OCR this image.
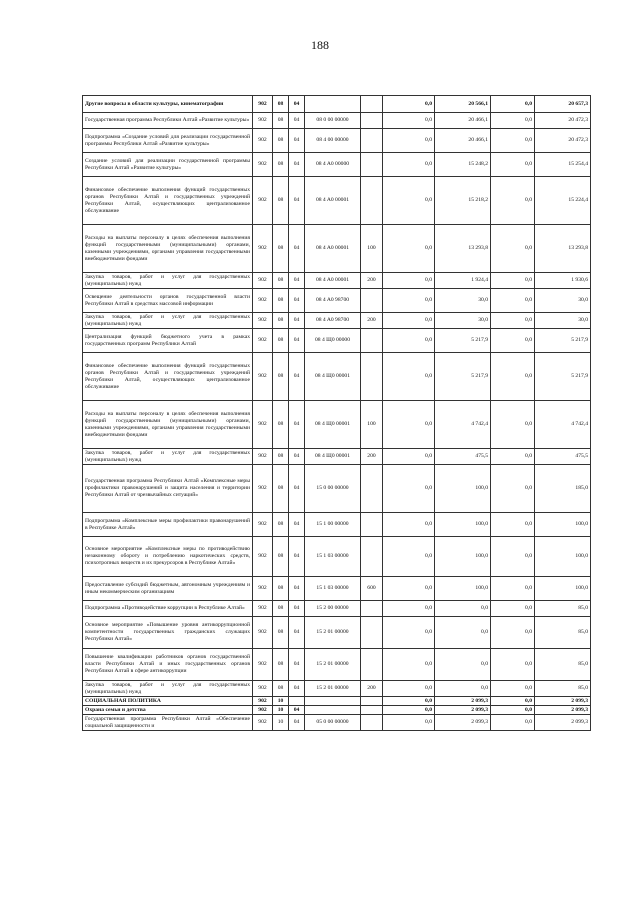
188
Другие вопросы в области культуры, кинематографии	902	08	04			0,0	20 566,1	0,0	20 657,3
Государственная программа Республики Алтай «Развитие культуры»	902	08	04	08 0 00 00000		0,0	20 466,1	0,0	20 472,3
Подпрограмма «Создание условий для реализации государственной программы Республики Алтай «Развитие культуры»	902	08	04	08 4 00 00000		0,0	20 466,1	0,0	20 472,3
Создание условий для реализации государственной программы Республики Алтай «Развитие культуры»	902	08	04	08 4 A0 00000		0,0	15 248,2	0,0	15 254,4
Финансовое обеспечение выполнения функций государственных органов Республики Алтай и государственных учреждений Республики Алтай, осуществляющих централизованное обслуживание	902	08	04	08 4 A0 00001		0,0	15 218,2	0,0	15 224,4
Расходы на выплаты персоналу в целях обеспечения выполнения функций государственными (муниципальными) органами, казенными учреждениями, органами управления государственными внебюджетными фондами	902	08	04	08 4 A0 00001	100	0,0	13 293,8	0,0	13 293,8
Закупка товаров, работ и услуг для государственных (муниципальных) нужд	902	08	04	08 4 A0 00001	200	0,0	1 924,4	0,0	1 930,6
Освещение деятельности органов государственной власти Республики Алтай в средствах массовой информации	902	08	04	08 4 A0 98700		0,0	30,0	0,0	30,0
Закупка товаров, работ и услуг для государственных (муниципальных) нужд	902	08	04	08 4 A0 98700	200	0,0	30,0	0,0	30,0
Централизация функций бюджетного учета в рамках государственных программ Республики Алтай	902	08	04	08 4 Щ0 00000		0,0	5 217,9	0,0	5 217,9
Финансовое обеспечение выполнения функций государственных органов Республики Алтай и государственных учреждений Республики Алтай, осуществляющих централизованное обслуживание	902	08	04	08 4 Щ0 00001		0,0	5 217,9	0,0	5 217,9
Расходы на выплаты персоналу в целях обеспечения выполнения функций государственными (муниципальными) органами, казенными учреждениями, органами управления государственными внебюджетными фондами	902	08	04	08 4 Щ0 00001	100	0,0	4 742,4	0,0	4 742,4
Закупка товаров, работ и услуг для государственных (муниципальных) нужд	902	08	04	08 4 Щ0 00001	200	0,0	475,5	0,0	475,5
Государственная программа Республики Алтай «Комплексные меры профилактики правонарушений и защита населения и территории Республики Алтай от чрезвычайных ситуаций»	902	08	04	15 0 00 00000		0,0	100,0	0,0	185,0
Подпрограмма «Комплексные меры профилактики правонарушений в Республике Алтай»	902	08	04	15 1 00 00000		0,0	100,0	0,0	100,0
Основное мероприятие «Комплексные меры по противодействию незаконному обороту и потреблению наркотических средств, психотропных веществ и их прекурсоров в Республике Алтай»	902	08	04	15 1 03 00000		0,0	100,0	0,0	100,0
Предоставление субсидий бюджетным, автономным учреждениям и иным некоммерческим организациям	902	08	04	15 1 03 00000	600	0,0	100,0	0,0	100,0
Подпрограмма «Противодействие коррупции в Республике Алтай»	902	08	04	15 2 00 00000		0,0	0,0	0,0	85,0
Основное мероприятие «Повышение уровня антикоррупционной компетентности государственных гражданских служащих Республики Алтай»	902	08	04	15 2 01 00000		0,0	0,0	0,0	85,0
Повышение квалификации работников органов государственной власти Республики Алтай и иных государственных органов Республики Алтай в сфере антикоррупции	902	08	04	15 2 01 00000		0,0	0,0	0,0	85,0
Закупка товаров, работ и услуг для государственных (муниципальных) нужд	902	08	04	15 2 01 00000	200	0,0	0,0	0,0	85,0
СОЦИАЛЬНАЯ ПОЛИТИКА	902	10				0,0	2 099,3	0,0	2 099,3
Охрана семьи и детства	902	10	04			0,0	2 099,3	0,0	2 099,3
Государственная программа Республики Алтай «Обеспечение социальной защищенности и	902	10	04	05 0 00 00000		0,0	2 099,3	0,0	2 099,3
